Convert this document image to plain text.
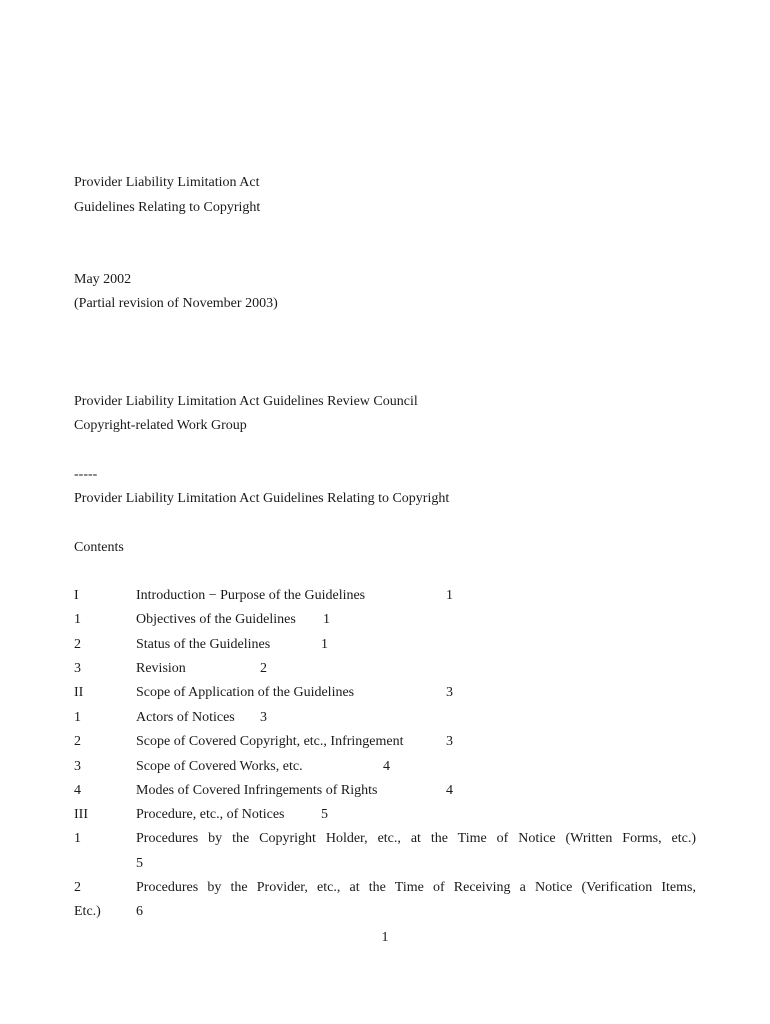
Provider Liability Limitation Act
Guidelines Relating to Copyright
May 2002
(Partial revision of November 2003)
Provider Liability Limitation Act Guidelines Review Council
Copyright-related Work Group
-----
Provider Liability Limitation Act Guidelines Relating to Copyright
Contents
I	Introduction − Purpose of the Guidelines	1
1	Objectives of the Guidelines 1
2	Status of the Guidelines	1
3	Revision	2
II	Scope of Application of the Guidelines	3
1	Actors of Notices 3
2	Scope of Covered Copyright, etc., Infringement	3
3	Scope of Covered Works, etc.	4
4	Modes of Covered Infringements of Rights	4
III	Procedure, etc., of Notices	5
1	Procedures by the Copyright Holder, etc., at the Time of Notice (Written Forms, etc.)
5
2	Procedures by the Provider, etc., at the Time of Receiving a Notice (Verification Items,
Etc.)	6
1
